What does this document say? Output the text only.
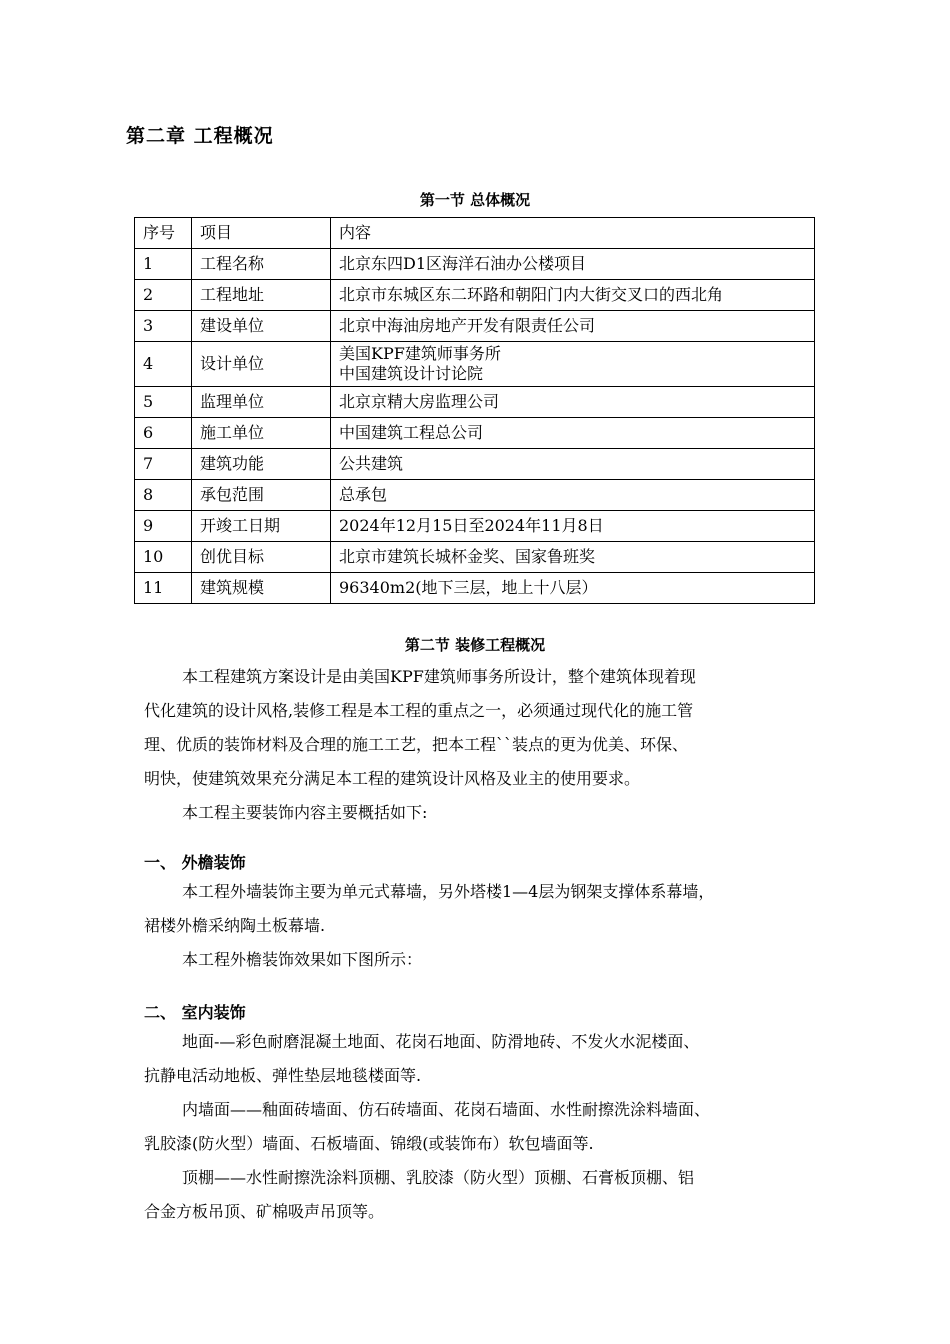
第二章 工程概况
第一节 总体概况
序号	项目	内容
1	工程名称	北京东四D1区海洋石油办公楼项目

2	工程地址	北京市东城区东二环路和朝阳门内大街交叉口的西北角

3	建设单位	北京中海油房地产开发有限责任公司

4	设计单位	美国KPF建筑师事务所
中国建筑设计讨论院

5	监理单位	北京京精大房监理公司

6	施工单位	中国建筑工程总公司

7	建筑功能	公共建筑

8	承包范围	总承包

9	开竣工日期	2024年12月15日至2024年11月8日

10	创优目标	北京市建筑长城杯金奖、国家鲁班奖

11	建筑规模	96340m2(地下三层，地上十八层）
第二节 装修工程概况
本工程建筑方案设计是由美国KPF建筑师事务所设计，整个建筑体现着现
代化建筑的设计风格,装修工程是本工程的重点之一，必须通过现代化的施工管
理、优质的装饰材料及合理的施工工艺，把本工程``装点的更为优美、环保、
明快，使建筑效果充分满足本工程的建筑设计风格及业主的使用要求。
本工程主要装饰内容主要概括如下:
一、 外檐装饰
本工程外墙装饰主要为单元式幕墙，另外塔楼1—4层为钢架支撑体系幕墙，
裙楼外檐采纳陶土板幕墙.
本工程外檐装饰效果如下图所示：
二、 室内装饰
地面-—彩色耐磨混凝土地面、花岗石地面、防滑地砖、不发火水泥楼面、
抗静电活动地板、弹性垫层地毯楼面等.
内墙面——釉面砖墙面、仿石砖墙面、花岗石墙面、水性耐擦洗涂料墙面、
乳胶漆(防火型）墙面、石板墙面、锦缎(或装饰布）软包墙面等.
顶棚——水性耐擦洗涂料顶棚、乳胶漆（防火型）顶棚、石膏板顶棚、铝
合金方板吊顶、矿棉吸声吊顶等。
